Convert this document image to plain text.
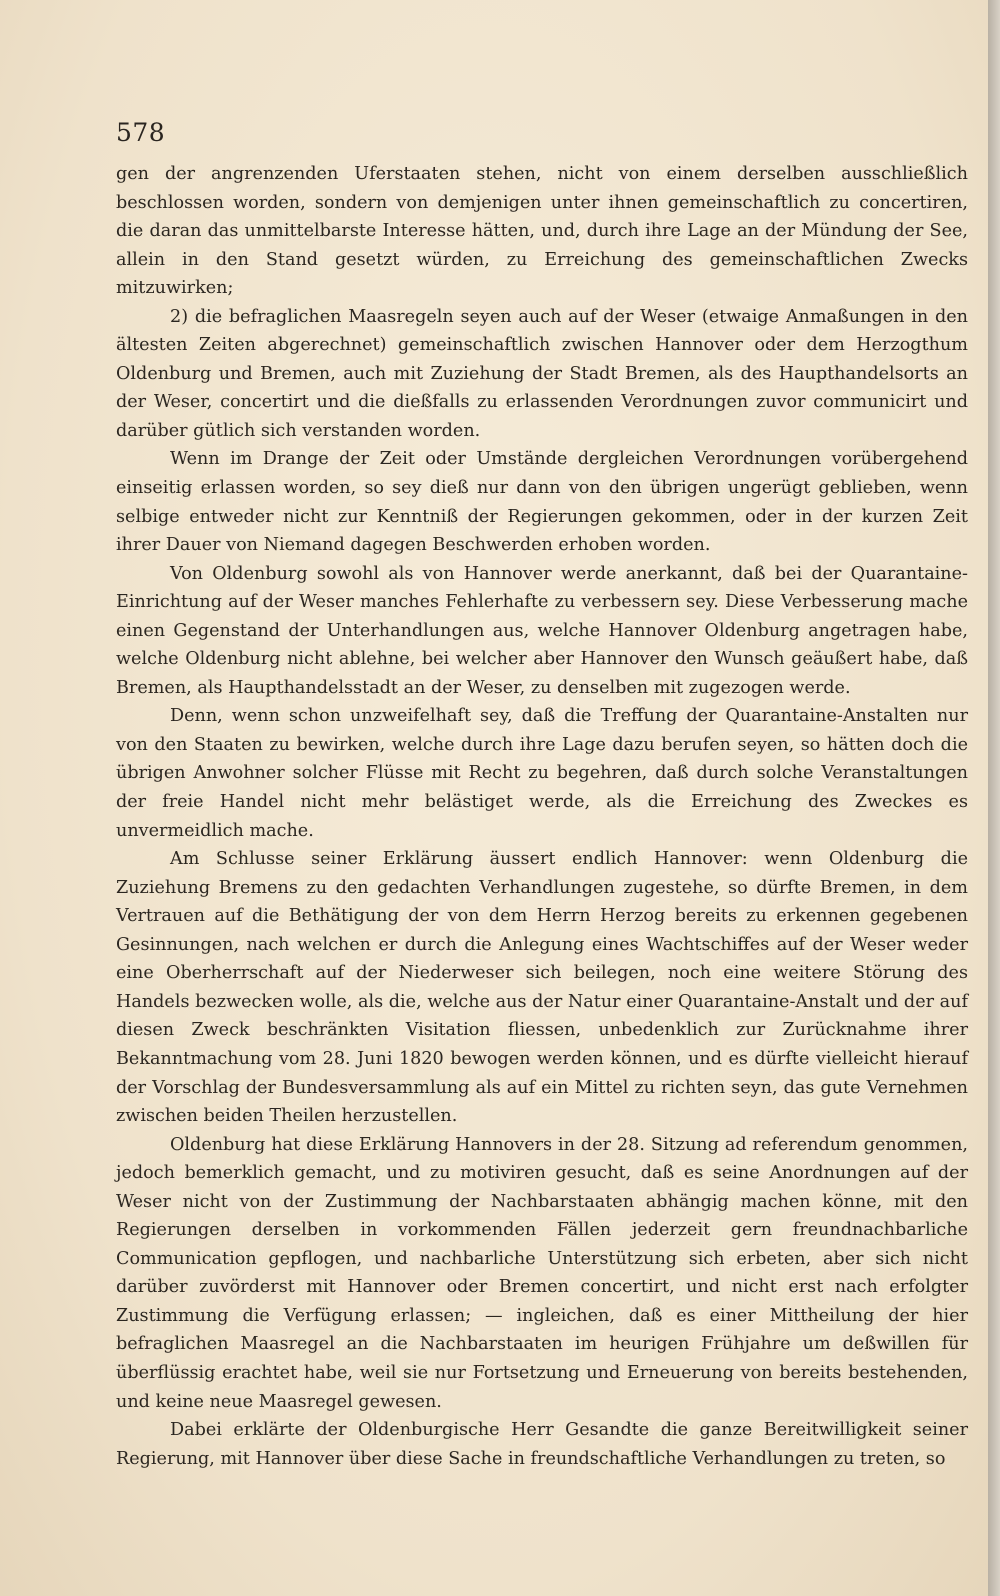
578

gen der angrenzenden Uferstaaten stehen, nicht von einem derselben ausschließlich beschlossen worden, sondern von demjenigen unter ihnen gemeinschaftlich zu concertiren, die daran das unmittelbarste Interesse hätten, und, durch ihre Lage an der Mündung der See, allein in den Stand gesetzt würden, zu Erreichung des gemeinschaftlichen Zwecks mitzuwirken;

2) die befraglichen Maasregeln seyen auch auf der Weser (etwaige Anmaßungen in den ältesten Zeiten abgerechnet) gemeinschaftlich zwischen Hannover oder dem Herzogthum Oldenburg und Bremen, auch mit Zuziehung der Stadt Bremen, als des Haupthandelsorts an der Weser, concertirt und die dießfalls zu erlassenden Verordnungen zuvor communicirt und darüber gütlich sich verstanden worden.

Wenn im Drange der Zeit oder Umstände dergleichen Verordnungen vorübergehend einseitig erlassen worden, so sey dieß nur dann von den übrigen ungerügt geblieben, wenn selbige entweder nicht zur Kenntniß der Regierungen gekommen, oder in der kurzen Zeit ihrer Dauer von Niemand dagegen Beschwerden erhoben worden.

Von Oldenburg sowohl als von Hannover werde anerkannt, daß bei der Quarantaine-Einrichtung auf der Weser manches Fehlerhafte zu verbessern sey. Diese Verbesserung mache einen Gegenstand der Unterhandlungen aus, welche Hannover Oldenburg angetragen habe, welche Oldenburg nicht ablehne, bei welcher aber Hannover den Wunsch geäußert habe, daß Bremen, als Haupthandelsstadt an der Weser, zu denselben mit zugezogen werde.

Denn, wenn schon unzweifelhaft sey, daß die Treffung der Quarantaine-Anstalten nur von den Staaten zu bewirken, welche durch ihre Lage dazu berufen seyen, so hätten doch die übrigen Anwohner solcher Flüsse mit Recht zu begehren, daß durch solche Veranstaltungen der freie Handel nicht mehr belästiget werde, als die Erreichung des Zweckes es unvermeidlich mache.

Am Schlusse seiner Erklärung äussert endlich Hannover: wenn Oldenburg die Zuziehung Bremens zu den gedachten Verhandlungen zugestehe, so dürfte Bremen, in dem Vertrauen auf die Bethätigung der von dem Herrn Herzog bereits zu erkennen gegebenen Gesinnungen, nach welchen er durch die Anlegung eines Wachtschiffes auf der Weser weder eine Oberherrschaft auf der Niederweser sich beilegen, noch eine weitere Störung des Handels bezwecken wolle, als die, welche aus der Natur einer Quarantaine-Anstalt und der auf diesen Zweck beschränkten Visitation fliessen, unbedenklich zur Zurücknahme ihrer Bekanntmachung vom 28. Juni 1820 bewogen werden können, und es dürfte vielleicht hierauf der Vorschlag der Bundesversammlung als auf ein Mittel zu richten seyn, das gute Vernehmen zwischen beiden Theilen herzustellen.

Oldenburg hat diese Erklärung Hannovers in der 28. Sitzung ad referendum genommen, jedoch bemerklich gemacht, und zu motiviren gesucht, daß es seine Anordnungen auf der Weser nicht von der Zustimmung der Nachbarstaaten abhängig machen könne, mit den Regierungen derselben in vorkommenden Fällen jederzeit gern freundnachbarliche Communication gepflogen, und nachbarliche Unterstützung sich erbeten, aber sich nicht darüber zuvörderst mit Hannover oder Bremen concertirt, und nicht erst nach erfolgter Zustimmung die Verfügung erlassen; — ingleichen, daß es einer Mittheilung der hier befraglichen Maasregel an die Nachbarstaaten im heurigen Frühjahre um deßwillen für überflüssig erachtet habe, weil sie nur Fortsetzung und Erneuerung von bereits bestehenden, und keine neue Maasregel gewesen.

Dabei erklärte der Oldenburgische Herr Gesandte die ganze Bereitwilligkeit seiner Regierung, mit Hannover über diese Sache in freundschaftliche Verhandlungen zu treten, so
